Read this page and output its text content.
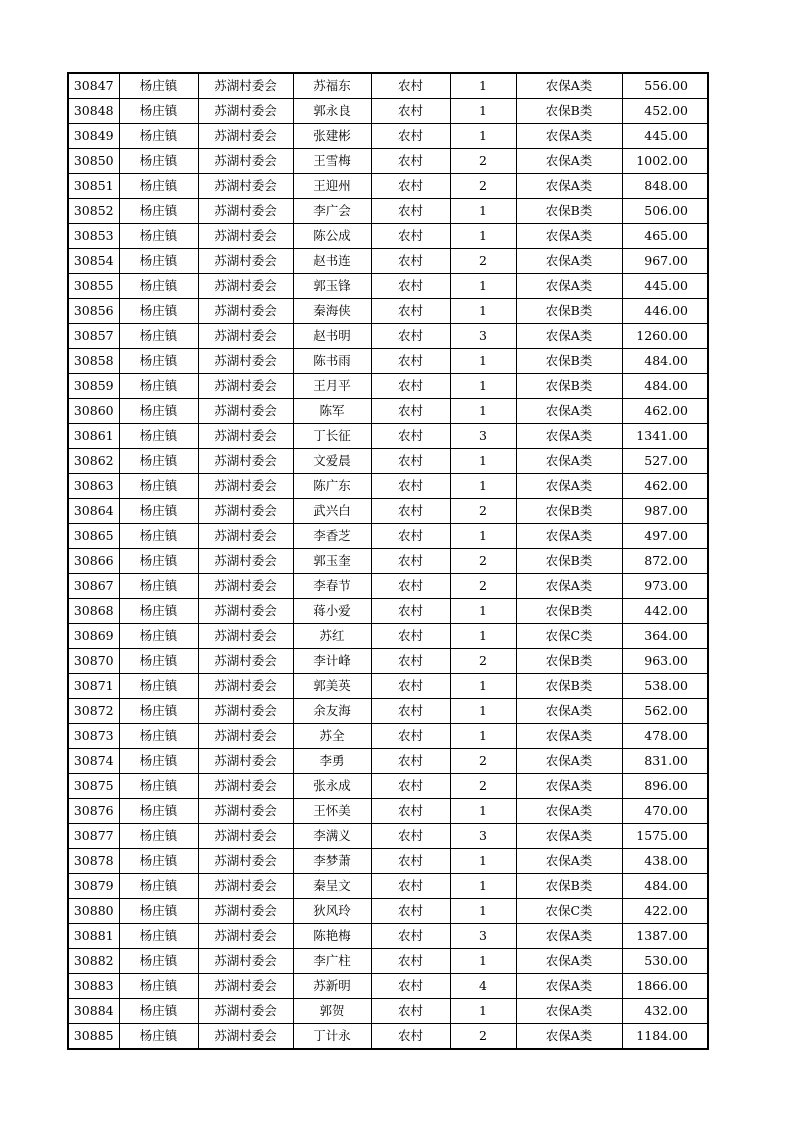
30847	杨庄镇	苏湖村委会	苏福东	农村	1	农保A类	556.00
30848	杨庄镇	苏湖村委会	郭永良	农村	1	农保B类	452.00
30849	杨庄镇	苏湖村委会	张建彬	农村	1	农保A类	445.00
30850	杨庄镇	苏湖村委会	王雪梅	农村	2	农保A类	1002.00
30851	杨庄镇	苏湖村委会	王迎州	农村	2	农保A类	848.00
30852	杨庄镇	苏湖村委会	李广会	农村	1	农保B类	506.00
30853	杨庄镇	苏湖村委会	陈公成	农村	1	农保A类	465.00
30854	杨庄镇	苏湖村委会	赵书连	农村	2	农保A类	967.00
30855	杨庄镇	苏湖村委会	郭玉锋	农村	1	农保A类	445.00
30856	杨庄镇	苏湖村委会	秦海侠	农村	1	农保B类	446.00
30857	杨庄镇	苏湖村委会	赵书明	农村	3	农保A类	1260.00
30858	杨庄镇	苏湖村委会	陈书雨	农村	1	农保B类	484.00
30859	杨庄镇	苏湖村委会	王月平	农村	1	农保B类	484.00
30860	杨庄镇	苏湖村委会	陈军	农村	1	农保A类	462.00
30861	杨庄镇	苏湖村委会	丁长征	农村	3	农保A类	1341.00
30862	杨庄镇	苏湖村委会	文爱晨	农村	1	农保A类	527.00
30863	杨庄镇	苏湖村委会	陈广东	农村	1	农保A类	462.00
30864	杨庄镇	苏湖村委会	武兴白	农村	2	农保B类	987.00
30865	杨庄镇	苏湖村委会	李香芝	农村	1	农保A类	497.00
30866	杨庄镇	苏湖村委会	郭玉奎	农村	2	农保B类	872.00
30867	杨庄镇	苏湖村委会	李春节	农村	2	农保A类	973.00
30868	杨庄镇	苏湖村委会	蒋小爱	农村	1	农保B类	442.00
30869	杨庄镇	苏湖村委会	苏红	农村	1	农保C类	364.00
30870	杨庄镇	苏湖村委会	李计峰	农村	2	农保B类	963.00
30871	杨庄镇	苏湖村委会	郭美英	农村	1	农保B类	538.00
30872	杨庄镇	苏湖村委会	余友海	农村	1	农保A类	562.00
30873	杨庄镇	苏湖村委会	苏全	农村	1	农保A类	478.00
30874	杨庄镇	苏湖村委会	李勇	农村	2	农保A类	831.00
30875	杨庄镇	苏湖村委会	张永成	农村	2	农保A类	896.00
30876	杨庄镇	苏湖村委会	王怀美	农村	1	农保A类	470.00
30877	杨庄镇	苏湖村委会	李满义	农村	3	农保A类	1575.00
30878	杨庄镇	苏湖村委会	李梦萧	农村	1	农保A类	438.00
30879	杨庄镇	苏湖村委会	秦呈文	农村	1	农保B类	484.00
30880	杨庄镇	苏湖村委会	狄风玲	农村	1	农保C类	422.00
30881	杨庄镇	苏湖村委会	陈艳梅	农村	3	农保A类	1387.00
30882	杨庄镇	苏湖村委会	李广柱	农村	1	农保A类	530.00
30883	杨庄镇	苏湖村委会	苏新明	农村	4	农保A类	1866.00
30884	杨庄镇	苏湖村委会	郭贺	农村	1	农保A类	432.00
30885	杨庄镇	苏湖村委会	丁计永	农村	2	农保A类	1184.00
